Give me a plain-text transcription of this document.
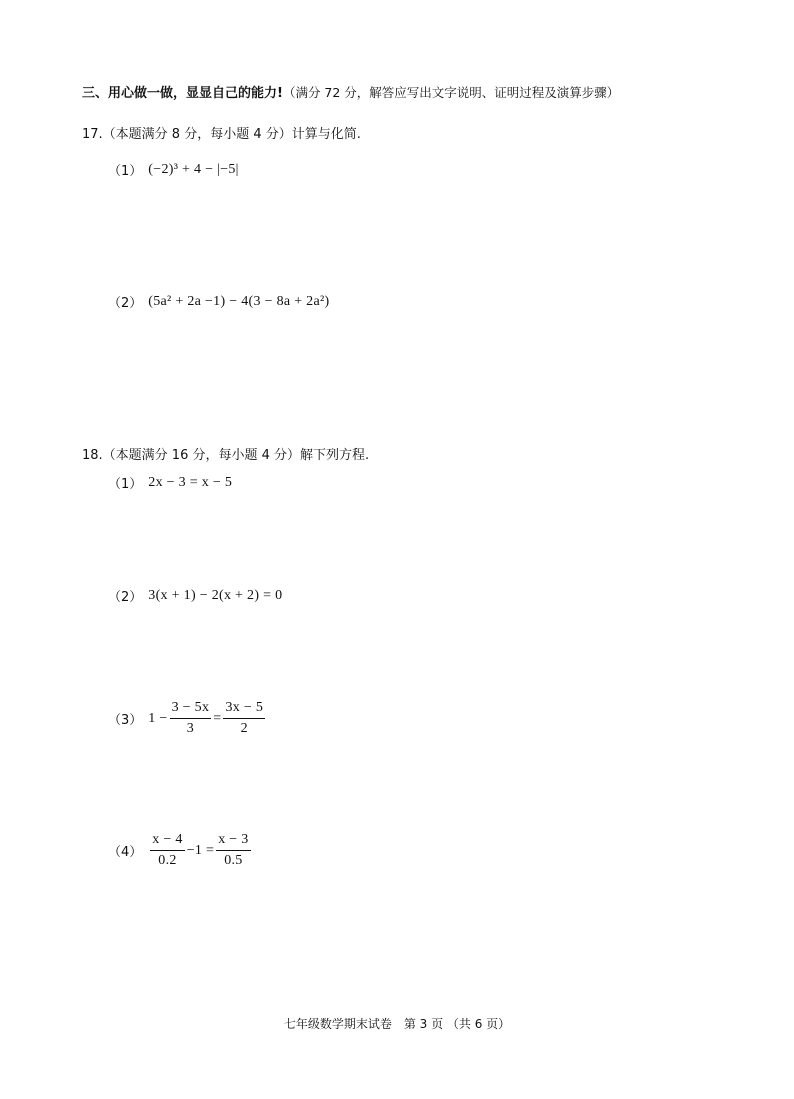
三、用心做一做，显显自己的能力!（满分 72 分，解答应写出文字说明、证明过程及演算步骤）
17.（本题满分 8 分，每小题 4 分）计算与化简.
（1） (−2)³ + 4 − |−5|
（2） (5a² + 2a −1) − 4(3 − 8a + 2a²)
18.（本题满分 16 分，每小题 4 分）解下列方程.
（1） 2x − 3 = x − 5
（2） 3(x + 1) − 2(x + 2) = 0
（3） $1 - \frac{3 - 5x}{3} = \frac{3x - 5}{2}$
$(4) \frac{x - 4}{0.2} -1 = \frac{x - 3}{0.5}$
七年级数学期末试卷　第 3 页 （共 6 页）
